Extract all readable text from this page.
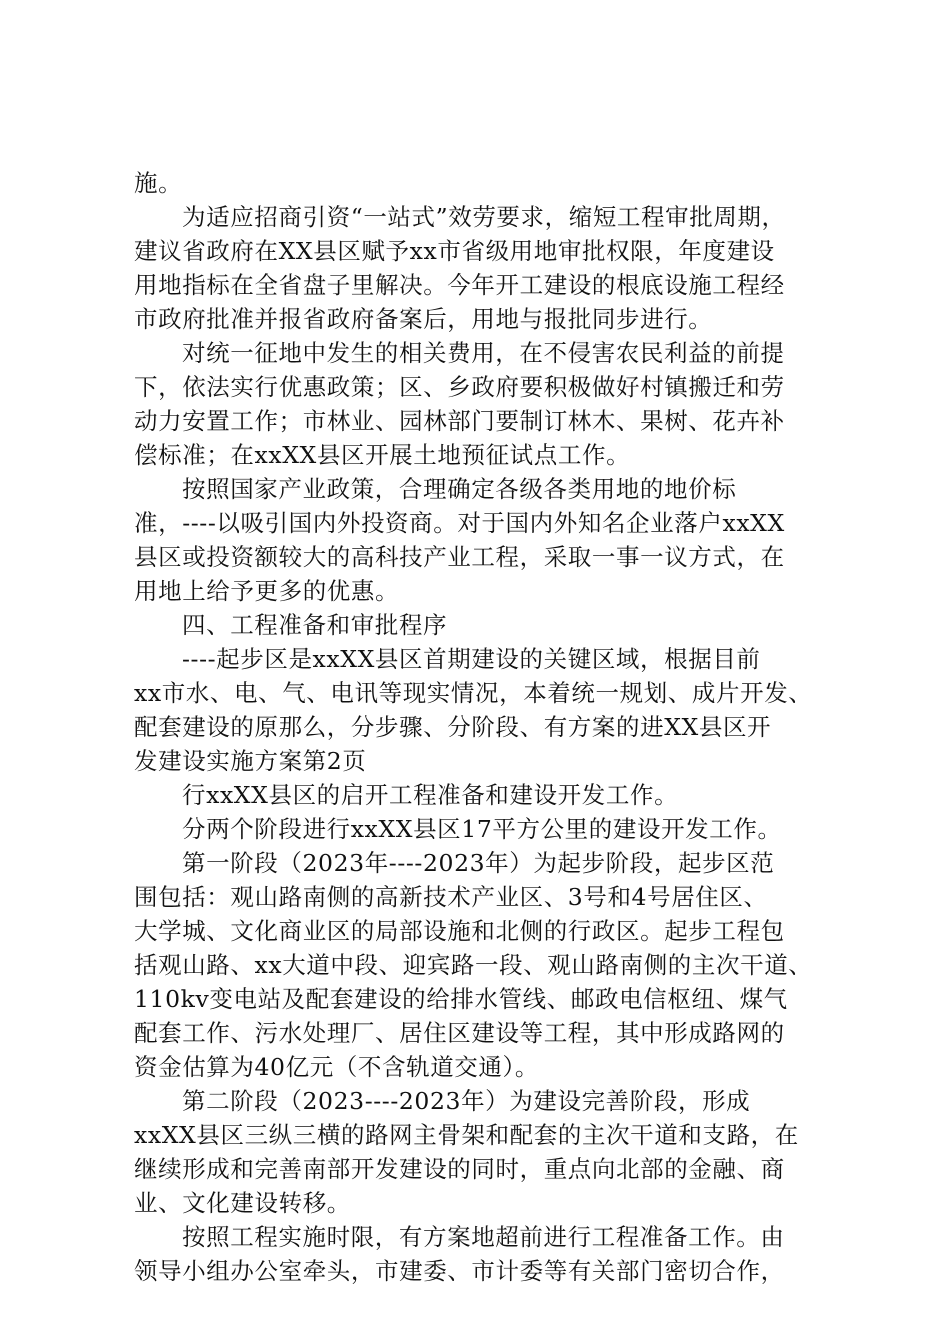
施。
为适应招商引资“一站式”效劳要求，缩短工程审批周期，
建议省政府在XX县区赋予xx市省级用地审批权限，年度建设
用地指标在全省盘子里解决。今年开工建设的根底设施工程经
市政府批准并报省政府备案后，用地与报批同步进行。
对统一征地中发生的相关费用，在不侵害农民利益的前提
下，依法实行优惠政策；区、乡政府要积极做好村镇搬迁和劳
动力安置工作；市林业、园林部门要制订林木、果树、花卉补
偿标准；在xxXX县区开展土地预征试点工作。
按照国家产业政策，合理确定各级各类用地的地价标
准，----以吸引国内外投资商。对于国内外知名企业落户xxXX
县区或投资额较大的高科技产业工程，采取一事一议方式，在
用地上给予更多的优惠。
四、工程准备和审批程序
----起步区是xxXX县区首期建设的关键区域，根据目前
xx市水、电、气、电讯等现实情况，本着统一规划、成片开发、
配套建设的原那么，分步骤、分阶段、有方案的进XX县区开
发建设实施方案第2页
行xxXX县区的启开工程准备和建设开发工作。
分两个阶段进行xxXX县区17平方公里的建设开发工作。
第一阶段（2023年----2023年）为起步阶段，起步区范
围包括：观山路南侧的高新技术产业区、3号和4号居住区、
大学城、文化商业区的局部设施和北侧的行政区。起步工程包
括观山路、xx大道中段、迎宾路一段、观山路南侧的主次干道、
110kv变电站及配套建设的给排水管线、邮政电信枢纽、煤气
配套工作、污水处理厂、居住区建设等工程，其中形成路网的
资金估算为40亿元（不含轨道交通）。
第二阶段（2023----2023年）为建设完善阶段，形成
xxXX县区三纵三横的路网主骨架和配套的主次干道和支路，在
继续形成和完善南部开发建设的同时，重点向北部的金融、商
业、文化建设转移。
按照工程实施时限，有方案地超前进行工程准备工作。由
领导小组办公室牵头，市建委、市计委等有关部门密切合作，
